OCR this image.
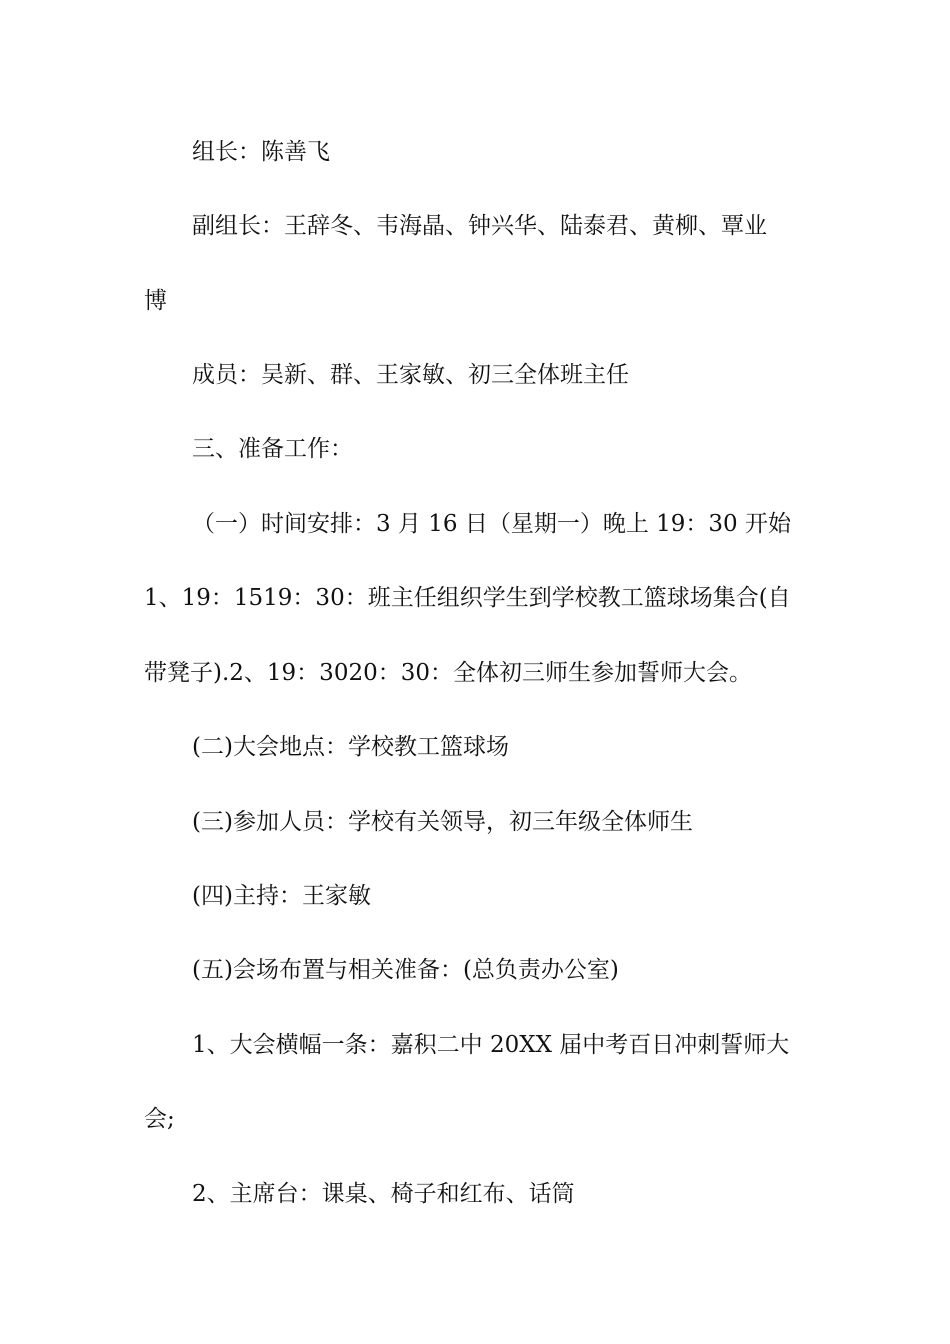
组长：陈善飞
副组长：王辞冬、韦海晶、钟兴华、陆泰君、黄柳、覃业
博
成员：吴新、群、王家敏、初三全体班主任
三、准备工作：
（一）时间安排：3 月 16 日（星期一）晚上 19：30 开始
1、19：1519：30：班主任组织学生到学校教工篮球场集合(自
带凳子).2、19：3020：30：全体初三师生参加誓师大会。
(二)大会地点：学校教工篮球场
(三)参加人员：学校有关领导，初三年级全体师生
(四)主持：王家敏
(五)会场布置与相关准备：(总负责办公室)
1、大会横幅一条：嘉积二中 20XX 届中考百日冲刺誓师大
会;
2、主席台：课桌、椅子和红布、话筒
